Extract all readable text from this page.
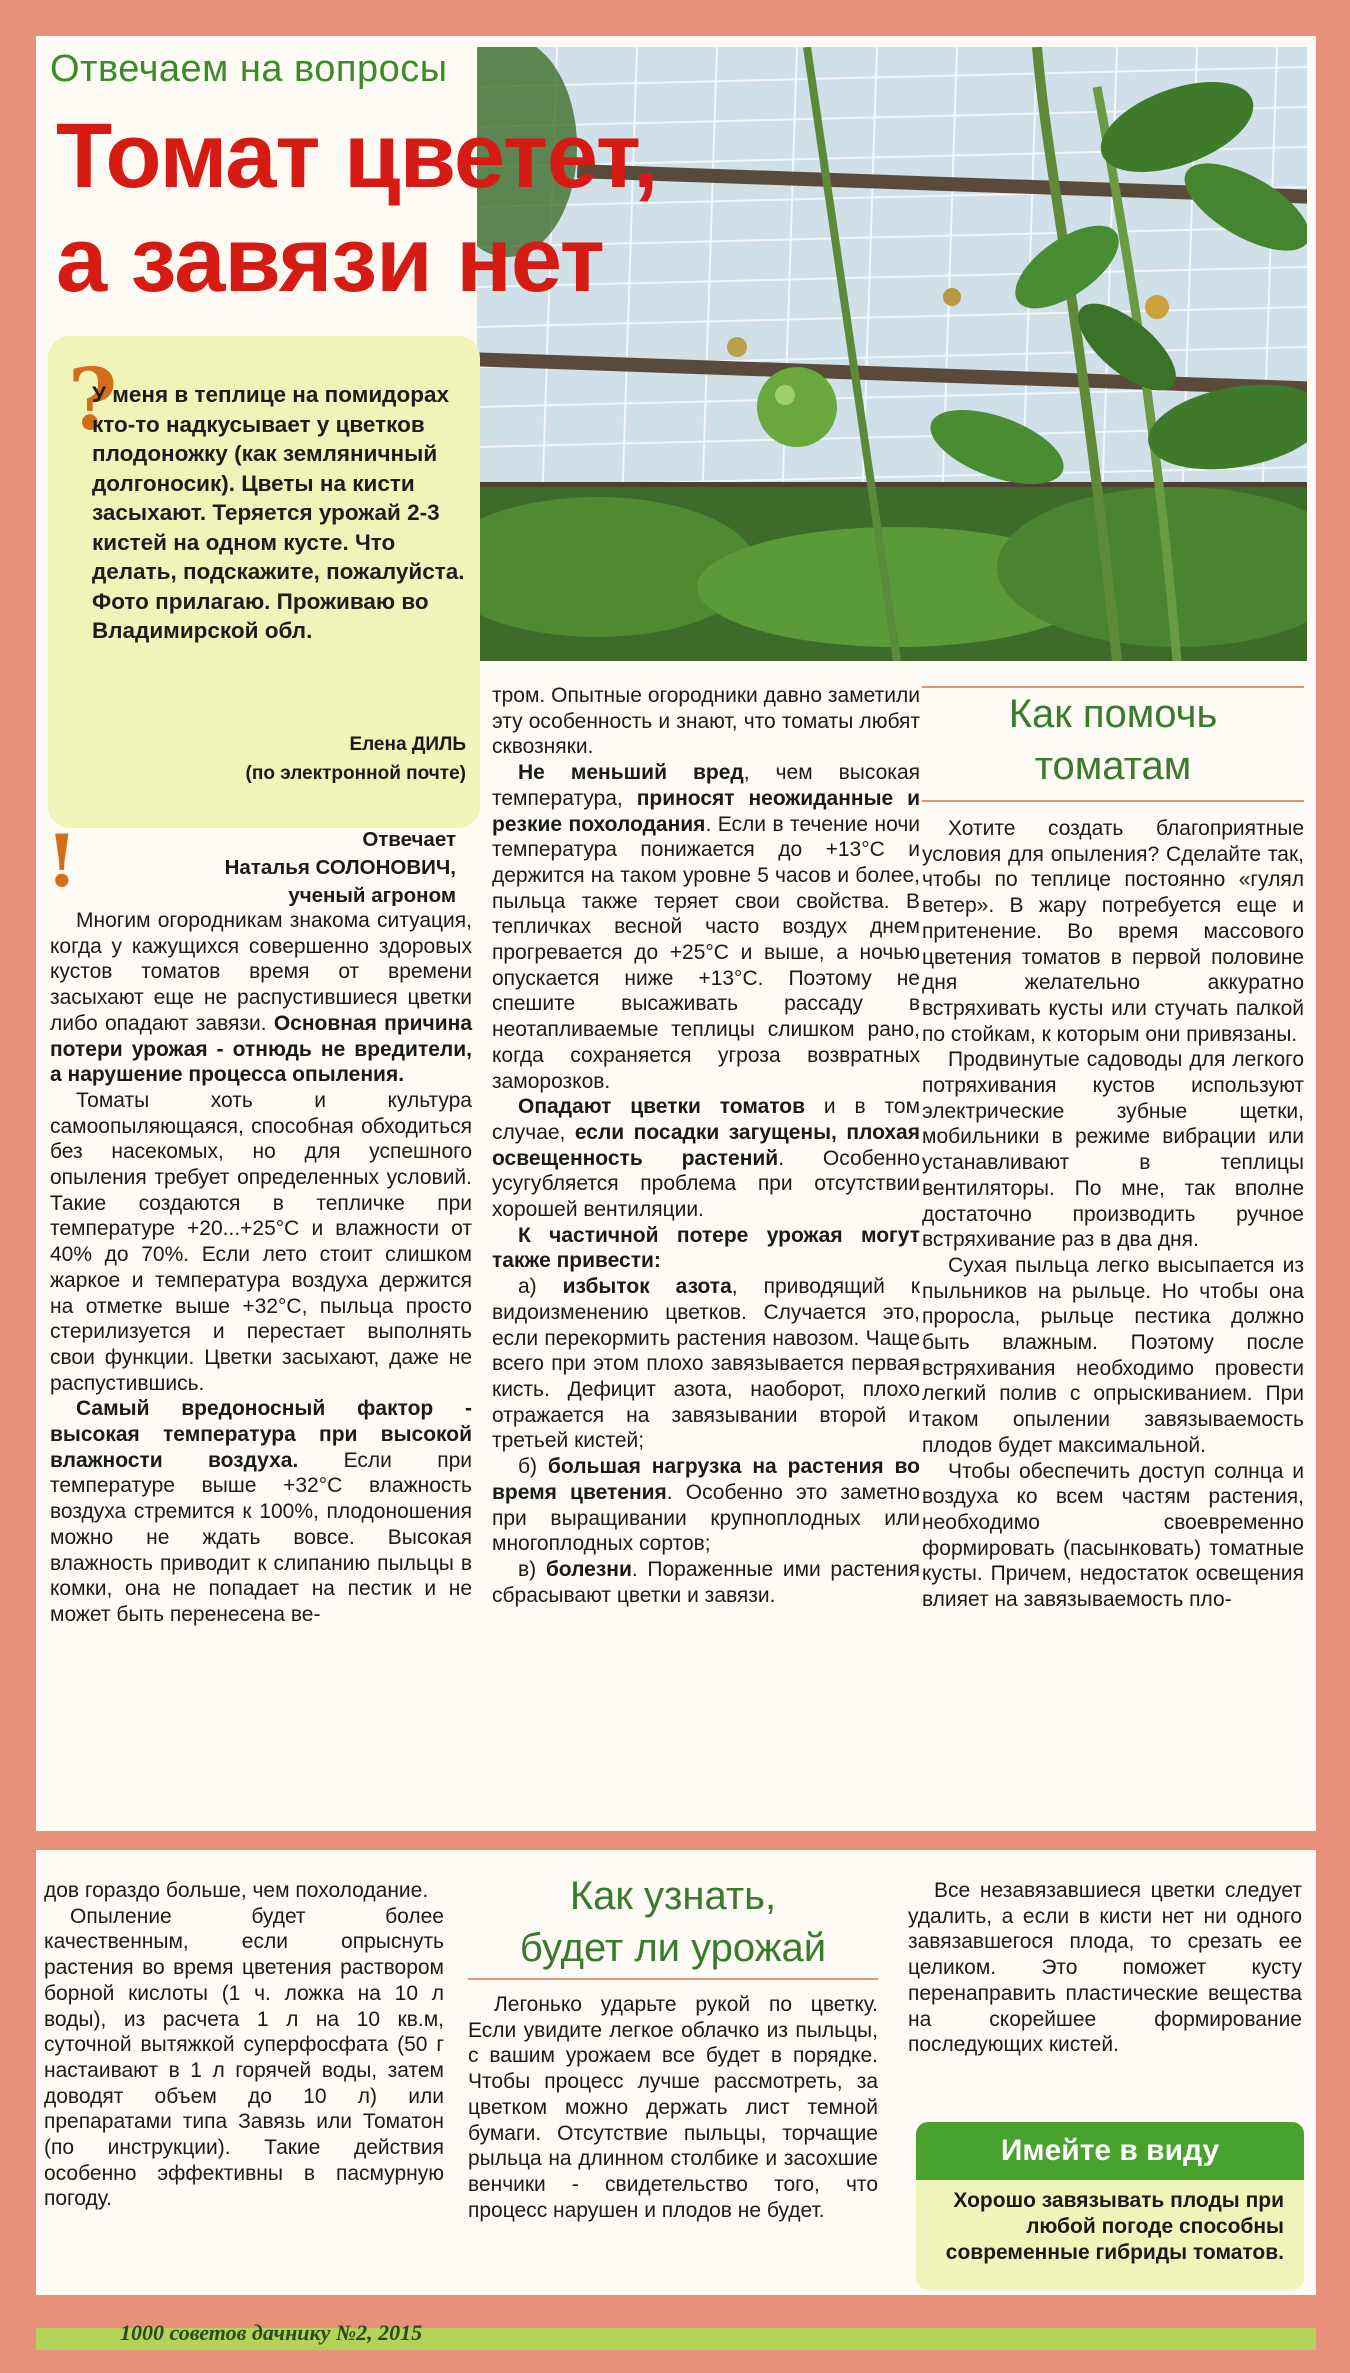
Отвечаем на вопросы
Томат цветет,
а завязи нет
?
У меня в теплице на помидорах кто-то надкусывает у цветков плодоножку (как земляничный долгоносик). Цветы на кисти засыхают. Теряется урожай 2-3 кистей на одном кусте. Что делать, подскажите, пожалуйста. Фото прилагаю. Проживаю во Владимирской обл.
Елена ДИЛЬ
(по электронной почте)
!	Отвечает
Наталья СОЛОНОВИЧ,
ученый агроном

Многим огородникам знакома ситуация, когда у кажущихся совершенно здоровых кустов томатов время от времени засыхают еще не распустившиеся цветки либо опадают завязи. Основная причина потери урожая - отнюдь не вредители, а нарушение процесса опыления.

Томаты хоть и культура самоопыляющаяся, способная обходиться без насекомых, но для успешного опыления требует определенных условий. Такие создаются в тепличке при температуре +20...+25°С и влажности от 40% до 70%. Если лето стоит слишком жаркое и температура воздуха держится на отметке выше +32°С, пыльца просто стерилизуется и перестает выполнять свои функции. Цветки засыхают, даже не распустившись.

Самый вредоносный фактор - высокая температура при высокой влажности воздуха. Если при температуре выше +32°С влажность воздуха стремится к 100%, плодоношения можно не ждать вовсе. Высокая влажность приводит к слипанию пыльцы в комки, она не попадает на пестик и не может быть перенесена ве-

тром. Опытные огородники давно заметили эту особенность и знают, что томаты любят сквозняки.

Не меньший вред, чем высокая температура, приносят неожиданные и резкие похолодания. Если в течение ночи температура понижается до +13°С и держится на таком уровне 5 часов и более, пыльца также теряет свои свойства. В тепличках весной часто воздух днем прогревается до +25°С и выше, а ночью опускается ниже +13°С. Поэтому не спешите высаживать рассаду в неотапливаемые теплицы слишком рано, когда сохраняется угроза возвратных заморозков.

Опадают цветки томатов и в том случае, если посадки загущены, плохая освещенность растений. Особенно усугубляется проблема при отсутствии хорошей вентиляции.

К частичной потере урожая могут также привести:

а) избыток азота, приводящий к видоизменению цветков. Случается это, если перекормить растения навозом. Чаще всего при этом плохо завязывается первая кисть. Дефицит азота, наоборот, плохо отражается на завязывании второй и третьей кистей;

б) большая нагрузка на растения во время цветения. Особенно это заметно при выращивании крупноплодных или многоплодных сортов;

в) болезни. Пораженные ими растения сбрасывают цветки и завязи.

Как помочь
томатам

Хотите создать благоприятные условия для опыления? Сделайте так, чтобы по теплице постоянно «гулял ветер». В жару потребуется еще и притенение. Во время массового цветения томатов в первой половине дня желательно аккуратно встряхивать кусты или стучать палкой по стойкам, к которым они привязаны.

Продвинутые садоводы для легкого потряхивания кустов используют электрические зубные щетки, мобильники в режиме вибрации или устанавливают в теплицы вентиляторы. По мне, так вполне достаточно производить ручное встряхивание раз в два дня.

Сухая пыльца легко высыпается из пыльников на рыльце. Но чтобы она проросла, рыльце пестика должно быть влажным. Поэтому после встряхивания необходимо провести легкий полив с опрыскиванием. При таком опылении завязываемость плодов будет максимальной.

Чтобы обеспечить доступ солнца и воздуха ко всем частям растения, необходимо своевременно формировать (пасынковать) томатные кусты. Причем, недостаток освещения влияет на завязываемость пло-

дов гораздо больше, чем похолодание.

Опыление будет более качественным, если опрыснуть растения во время цветения раствором борной кислоты (1 ч. ложка на 10 л воды), из расчета 1 л на 10 кв.м, суточной вытяжкой суперфосфата (50 г настаивают в 1 л горячей воды, затем доводят объем до 10 л) или препаратами типа Завязь или Томатон (по инструкции). Такие действия особенно эффективны в пасмурную погоду.

Как узнать,
будет ли урожай

Легонько ударьте рукой по цветку. Если увидите легкое облачко из пыльцы, с вашим урожаем все будет в порядке. Чтобы процесс лучше рассмотреть, за цветком можно держать лист темной бумаги. Отсутствие пыльцы, торчащие рыльца на длинном столбике и засохшие венчики - свидетельство того, что процесс нарушен и плодов не будет.

Все незавязавшиеся цветки следует удалить, а если в кисти нет ни одного завязавшегося плода, то срезать ее целиком. Это поможет кусту перенаправить пластические вещества на скорейшее формирование последующих кистей.

Имейте в виду
Хорошо завязывать плоды при любой погоде способны современные гибриды томатов.
1000 советов дачнику №2, 2015
